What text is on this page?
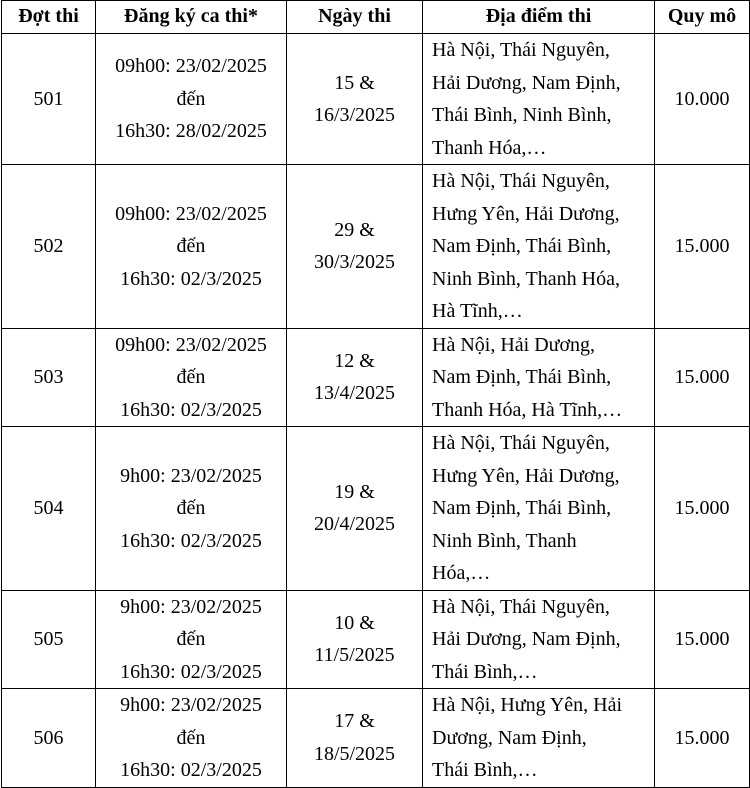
Đợt thi	Đăng ký ca thi*	Ngày thi	Địa điểm thi	Quy mô
501	09h00: 23/02/2025
đến
16h30: 28/02/2025	15 &
16/3/2025	Hà Nội, Thái Nguyên,
Hải Dương, Nam Định,
Thái Bình, Ninh Bình,
Thanh Hóa,…	10.000
502	09h00: 23/02/2025
đến
16h30: 02/3/2025	29 &
30/3/2025	Hà Nội, Thái Nguyên,
Hưng Yên, Hải Dương,
Nam Định, Thái Bình,
Ninh Bình, Thanh Hóa,
Hà Tĩnh,…	15.000
503	09h00: 23/02/2025
đến
16h30: 02/3/2025	12 &
13/4/2025	Hà Nội, Hải Dương,
Nam Định, Thái Bình,
Thanh Hóa, Hà Tĩnh,…	15.000
504	9h00: 23/02/2025
đến
16h30: 02/3/2025	19 &
20/4/2025	Hà Nội, Thái Nguyên,
Hưng Yên, Hải Dương,
Nam Định, Thái Bình,
Ninh Bình, Thanh
Hóa,…	15.000
505	9h00: 23/02/2025
đến
16h30: 02/3/2025	10 &
11/5/2025	Hà Nội, Thái Nguyên,
Hải Dương, Nam Định,
Thái Bình,…	15.000
506	9h00: 23/02/2025
đến
16h30: 02/3/2025	17 &
18/5/2025	Hà Nội, Hưng Yên, Hải
Dương, Nam Định,
Thái Bình,…	15.000
